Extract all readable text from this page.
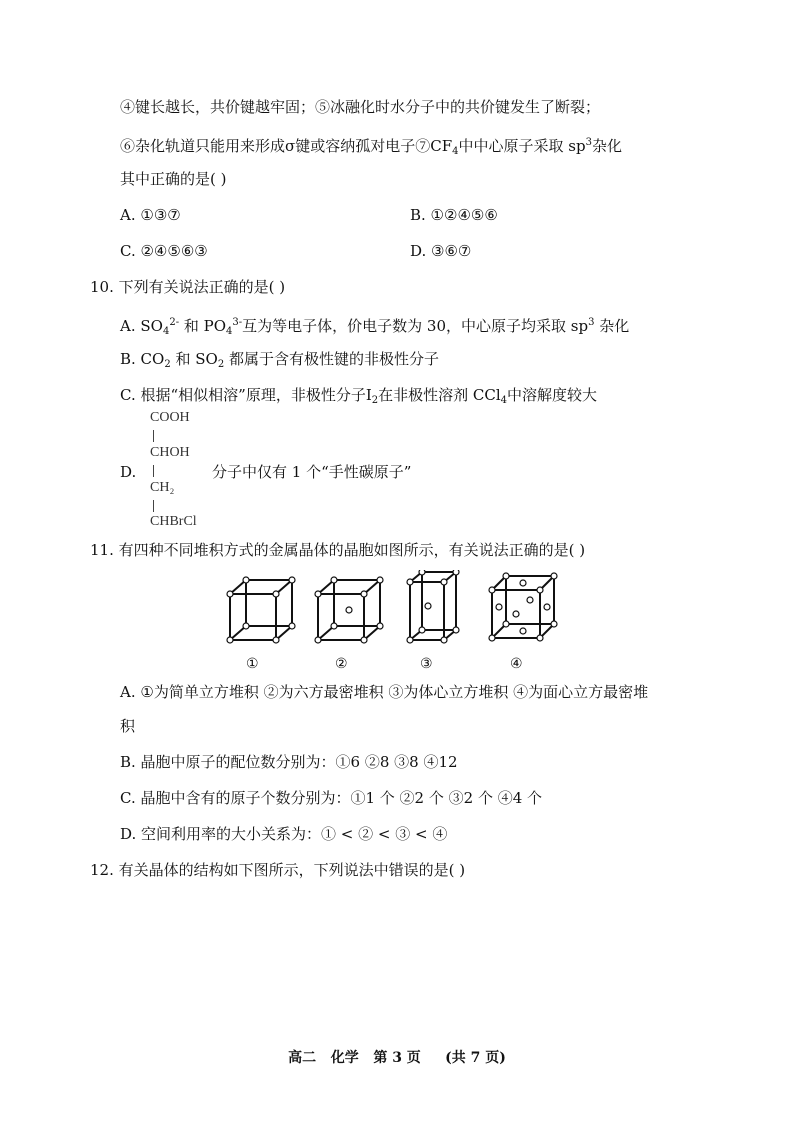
④键长越长，共价键越牢固；⑤冰融化时水分子中的共价键发生了断裂；
⑥杂化轨道只能用来形成σ键或容纳孤对电子$⑦CF_4$中中心原子采取 $sp^3$杂化
其中正确的是( )
A. ①③⑦	B. ①②④⑤⑥
C. ②④⑤⑥③	D. ③⑥⑦
10. 下列有关说法正确的是( )
A. $SO_4^{2-}$ 和 $PO_4^{3-}$互为等电子体，价电子数为 30，中心原子均采取 $sp^3$ 杂化
B. $CO_2$ 和 $SO_2$ 都属于含有极性键的非极性分子
C. 根据“相似相溶”原理，非极性分子$I_2$在非极性溶剂 CCl$_4$中溶解度较大
D.
COOH
CHOH
CH₂
CHBrCl
分子中仅有 1 个“手性碳原子”
11. 有四种不同堆积方式的金属晶体的晶胞如图所示，有关说法正确的是( )
①	②	③	④
A. ①为简单立方堆积 ②为六方最密堆积 ③为体心立方堆积 ④为面心立方最密堆
积
B. 晶胞中原子的配位数分别为：①6 ②8 ③8 ④12
C. 晶胞中含有的原子个数分别为：①1 个 ②2 个 ③2 个 ④4 个
D. 空间利用率的大小关系为：① < ② < ③ < ④
12. 有关晶体的结构如下图所示，下列说法中错误的是( )
高二   化学   第 3 页     (共 7 页)
